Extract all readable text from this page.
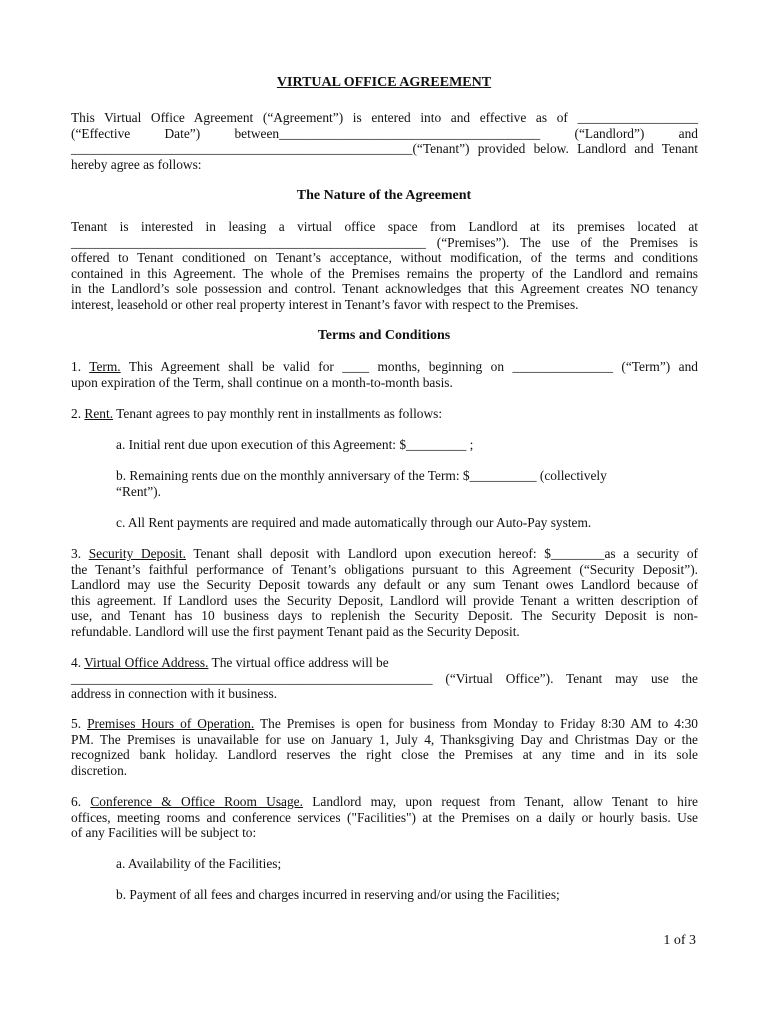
VIRTUAL OFFICE AGREEMENT
This Virtual Office Agreement (“Agreement”) is entered into and effective as of __________________
(“Effective Date”) between_______________________________________ (“Landlord”) and
___________________________________________________(“Tenant”) provided below. Landlord and Tenant
hereby agree as follows:
The Nature of the Agreement
Tenant is interested in leasing a virtual office space from Landlord at its premises located at
_____________________________________________________ (“Premises”). The use of the Premises is
offered to Tenant conditioned on Tenant’s acceptance, without modification, of the terms and conditions
contained in this Agreement. The whole of the Premises remains the property of the Landlord and remains
in the Landlord’s sole possession and control. Tenant acknowledges that this Agreement creates NO tenancy
interest, leasehold or other real property interest in Tenant’s favor with respect to the Premises.
Terms and Conditions
1. Term. This Agreement shall be valid for ____ months, beginning on _______________ (“Term”) and
upon expiration of the Term, shall continue on a month-to-month basis.
2. Rent. Tenant agrees to pay monthly rent in installments as follows:
a. Initial rent due upon execution of this Agreement: $_________ ;
b. Remaining rents due on the monthly anniversary of the Term: $__________ (collectively
“Rent”).
c. All Rent payments are required and made automatically through our Auto-Pay system.
3. Security Deposit. Tenant shall deposit with Landlord upon execution hereof: $________as a security of
the Tenant’s faithful performance of Tenant’s obligations pursuant to this Agreement (“Security Deposit”).
Landlord may use the Security Deposit towards any default or any sum Tenant owes Landlord because of
this agreement. If Landlord uses the Security Deposit, Landlord will provide Tenant a written description of
use, and Tenant has 10 business days to replenish the Security Deposit. The Security Deposit is non-
refundable. Landlord will use the first payment Tenant paid as the Security Deposit.
4. Virtual Office Address. The virtual office address will be
______________________________________________________ (“Virtual Office”). Tenant may use the
address in connection with it business.
5. Premises Hours of Operation. The Premises is open for business from Monday to Friday 8:30 AM to 4:30
PM. The Premises is unavailable for use on January 1, July 4, Thanksgiving Day and Christmas Day or the
recognized bank holiday. Landlord reserves the right close the Premises at any time and in its sole
discretion.
6. Conference & Office Room Usage. Landlord may, upon request from Tenant, allow Tenant to hire
offices, meeting rooms and conference services ("Facilities") at the Premises on a daily or hourly basis. Use
of any Facilities will be subject to:
a. Availability of the Facilities;
b. Payment of all fees and charges incurred in reserving and/or using the Facilities;
1 of 3
